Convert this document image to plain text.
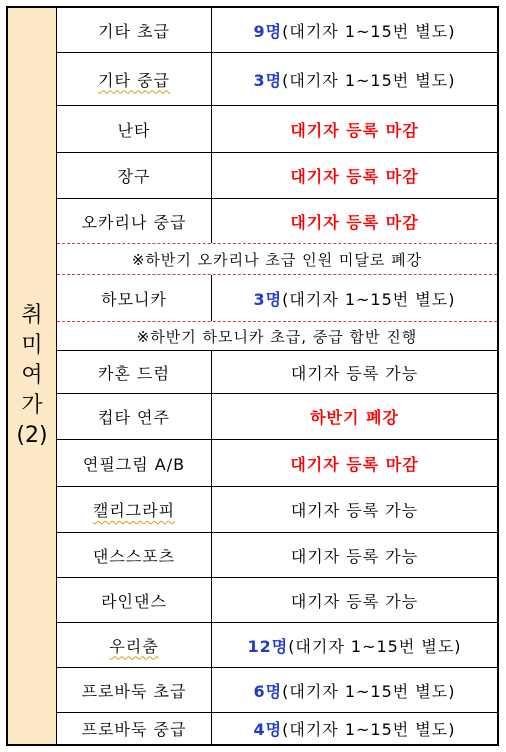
취
미
여
가
(2)
기타 초급	9명 (대기자 1~15번 별도)
기타 중급	3명 (대기자 1~15번 별도)
난타	대기자 등록 마감
장구	대기자 등록 마감
오카리나 중급	대기자 등록 마감
※하반기 오카리나 초급 인원 미달로 폐강
하모니카	3명 (대기자 1~15번 별도)
※하반기 하모니카 초급, 중급 합반 진행
카혼 드럼	대기자 등록 가능
컵타 연주	하반기 폐강
연필그림 A/B	대기자 등록 마감
캘리그라피	대기자 등록 가능
댄스스포츠	대기자 등록 가능
라인댄스	대기자 등록 가능
우리춤	12명 (대기자 1~15번 별도)
프로바둑 초급	6명 (대기자 1~15번 별도)
프로바둑 중급	4명 (대기자 1~15번 별도)
